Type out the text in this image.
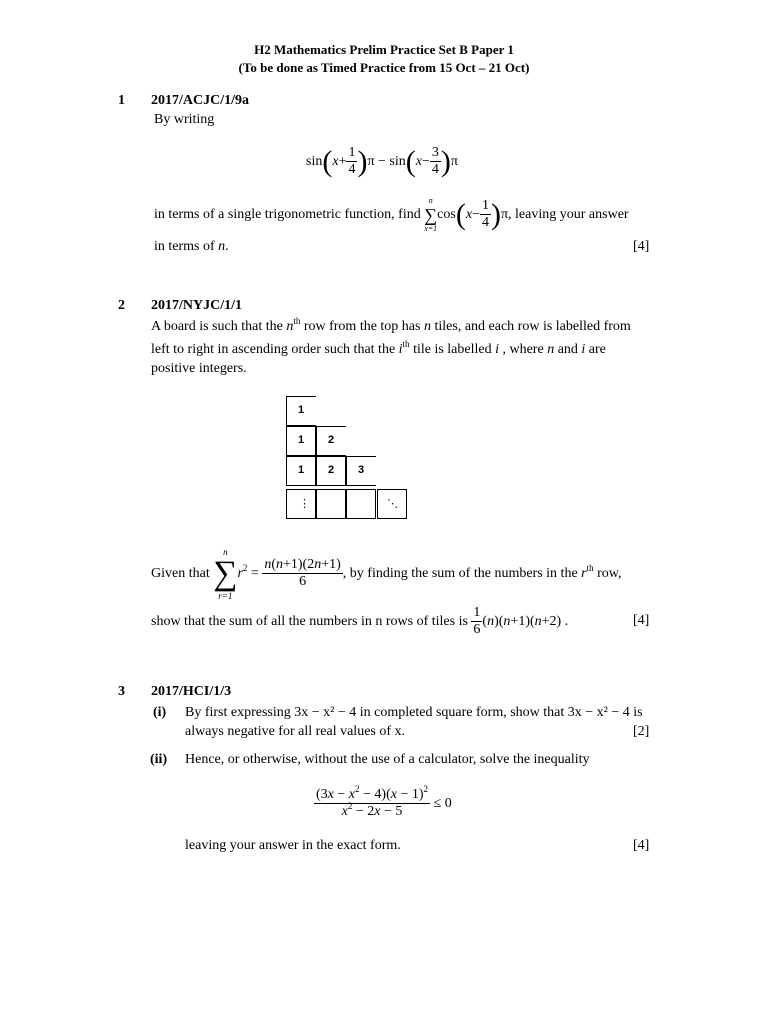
H2 Mathematics Prelim Practice Set B Paper 1
(To be done as Timed Practice from 15 Oct – 21 Oct)
1 2017/ACJC/1/9a
By writing
$\sin(x+ \frac{1}{4} )\pi - \sin(x- \frac{3}{4} )\pi$
in terms of a single trigonometric function, find
n
∑
x=1
$\cos(x- \frac{1}{4} )\pi$, leaving your answer
in terms of n.	[4]
2 2017/NYJC/1/1
A board is such that the $n^{th}$ row from the top has n tiles, and each row is labelled from
left to right in ascending order such that the $i^{th}$ tile is labelled i , where n and i are
positive integers.
1
1 2
1 2 3
⋮	⋱
Given that
n
∑
r=1
$r^2 = \frac{n(n+1)(2n+1)}{6}$ , by finding the sum of the numbers in the $r^{th}$ row,
show that the sum of all the numbers in n rows of tiles is $\frac{1}{6} (n)(n+1)(n+2)$ .	[4]
3 2017/HCI/1/3
(i) By first expressing 3x − x² − 4 in completed square form, show that 3x − x² − 4 is
always negative for all real values of x.	[2]
(ii) Hence, or otherwise, without the use of a calculator, solve the inequality
$\frac{(3x - x^2 - 4)(x - 1)^2}{x^2 - 2x - 5} \le 0$
leaving your answer in the exact form.	[4]
